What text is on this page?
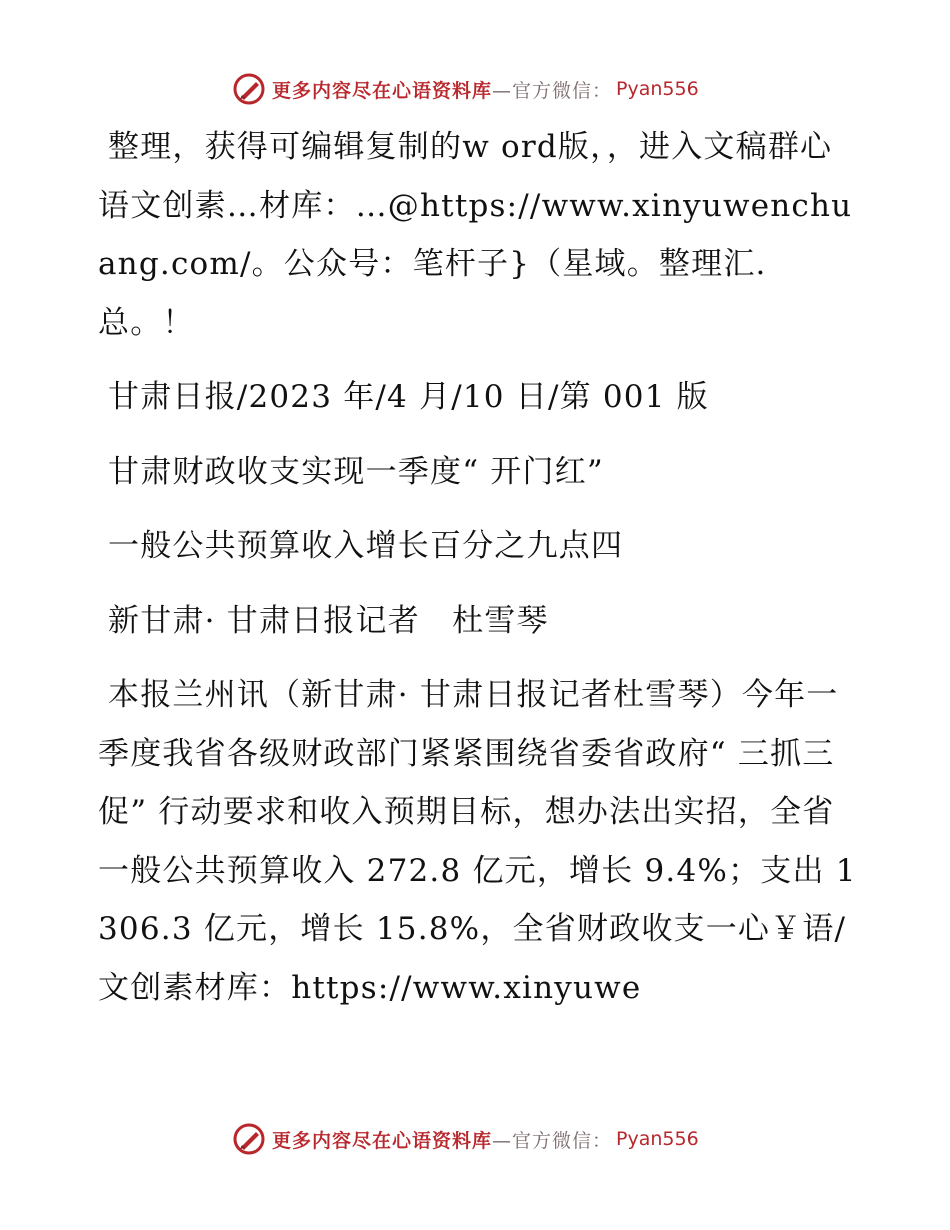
更多内容尽在心语资料库 —官方微信： Pyan556

整理，获得可编辑复制的w ord版，，进入文稿群心语文创素…材库：…@https://www.xinyuwenchuang.com/。公众号：笔杆子}（星域。整理汇.总。！

甘肃日报/2023 年/4 月/10 日/第 001 版

甘肃财政收支实现一季度“ 开门红”

一般公共预算收入增长百分之九点四

新甘肃· 甘肃日报记者　杜雪琴

本报兰州讯（新甘肃· 甘肃日报记者杜雪琴）今年一季度我省各级财政部门紧紧围绕省委省政府“ 三抓三促” 行动要求和收入预期目标，想办法出实招，全省一般公共预算收入 272.8 亿元，增长 9.4%；支出 1306.3 亿元，增长 15.8%，全省财政收支一心￥语/文创素材库：https://www.xinyuwe

更多内容尽在心语资料库 —官方微信： Pyan556
